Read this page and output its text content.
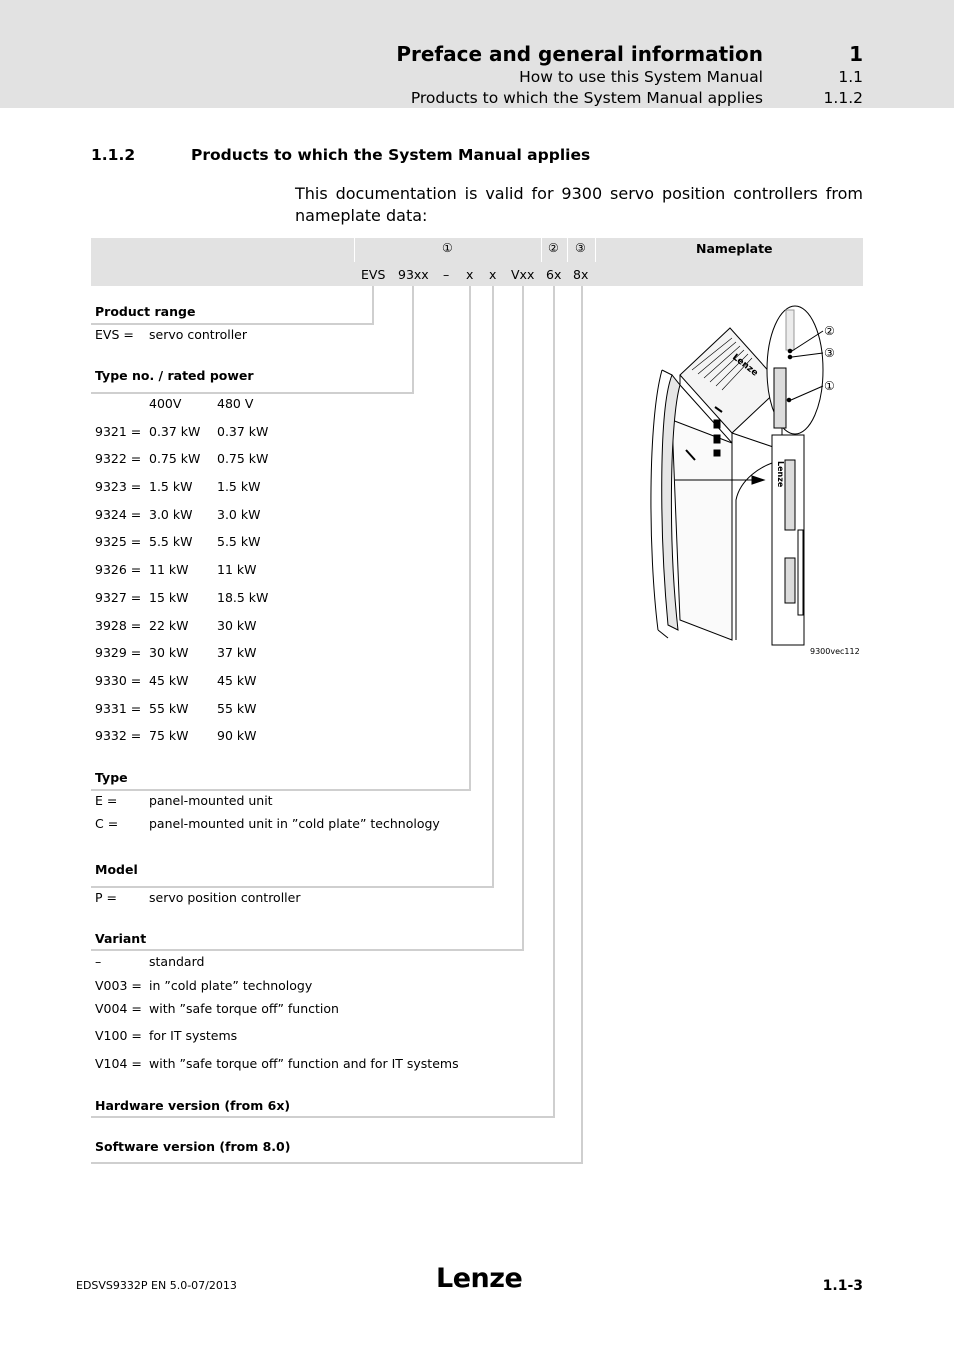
Preface and general information	1
How to use this System Manual	1.1
Products to which the System Manual applies	1.1.2
1.1.2	Products to which the System Manual applies
This documentation is valid for 9300 servo position controllers from nameplate data:
①	② ③	Nameplate
EVS 93xx – x x Vxx 6x 8x
Product range
EVS = servo controller
Type no. / rated power
400V	480 V
9321 = 0.37 kW 0.37 kW
9322 = 0.75 kW 0.75 kW
9323 = 1.5 kW 1.5 kW
9324 = 3.0 kW 3.0 kW
9325 = 5.5 kW 5.5 kW
9326 = 11 kW 11 kW
9327 = 15 kW 18.5 kW
3928 = 22 kW 30 kW
9329 = 30 kW 37 kW
9330 = 45 kW 45 kW
9331 = 55 kW 55 kW
9332 = 75 kW 90 kW
Type
E =	panel-mounted unit
C = panel-mounted unit in ”cold plate” technology
Model
P =	servo position controller
Variant
–	standard
V003 = in ”cold plate” technology
V004 = with ”safe torque off” function
V100 = for IT systems
V104 = with ”safe torque off” function and for IT systems
Hardware version (from 6x)
Software version (from 8.0)
②
③
①
Lenze
Lenze
9300vec112
EDSVS9332P EN 5.0-07/2013	Lenze	1.1-3
